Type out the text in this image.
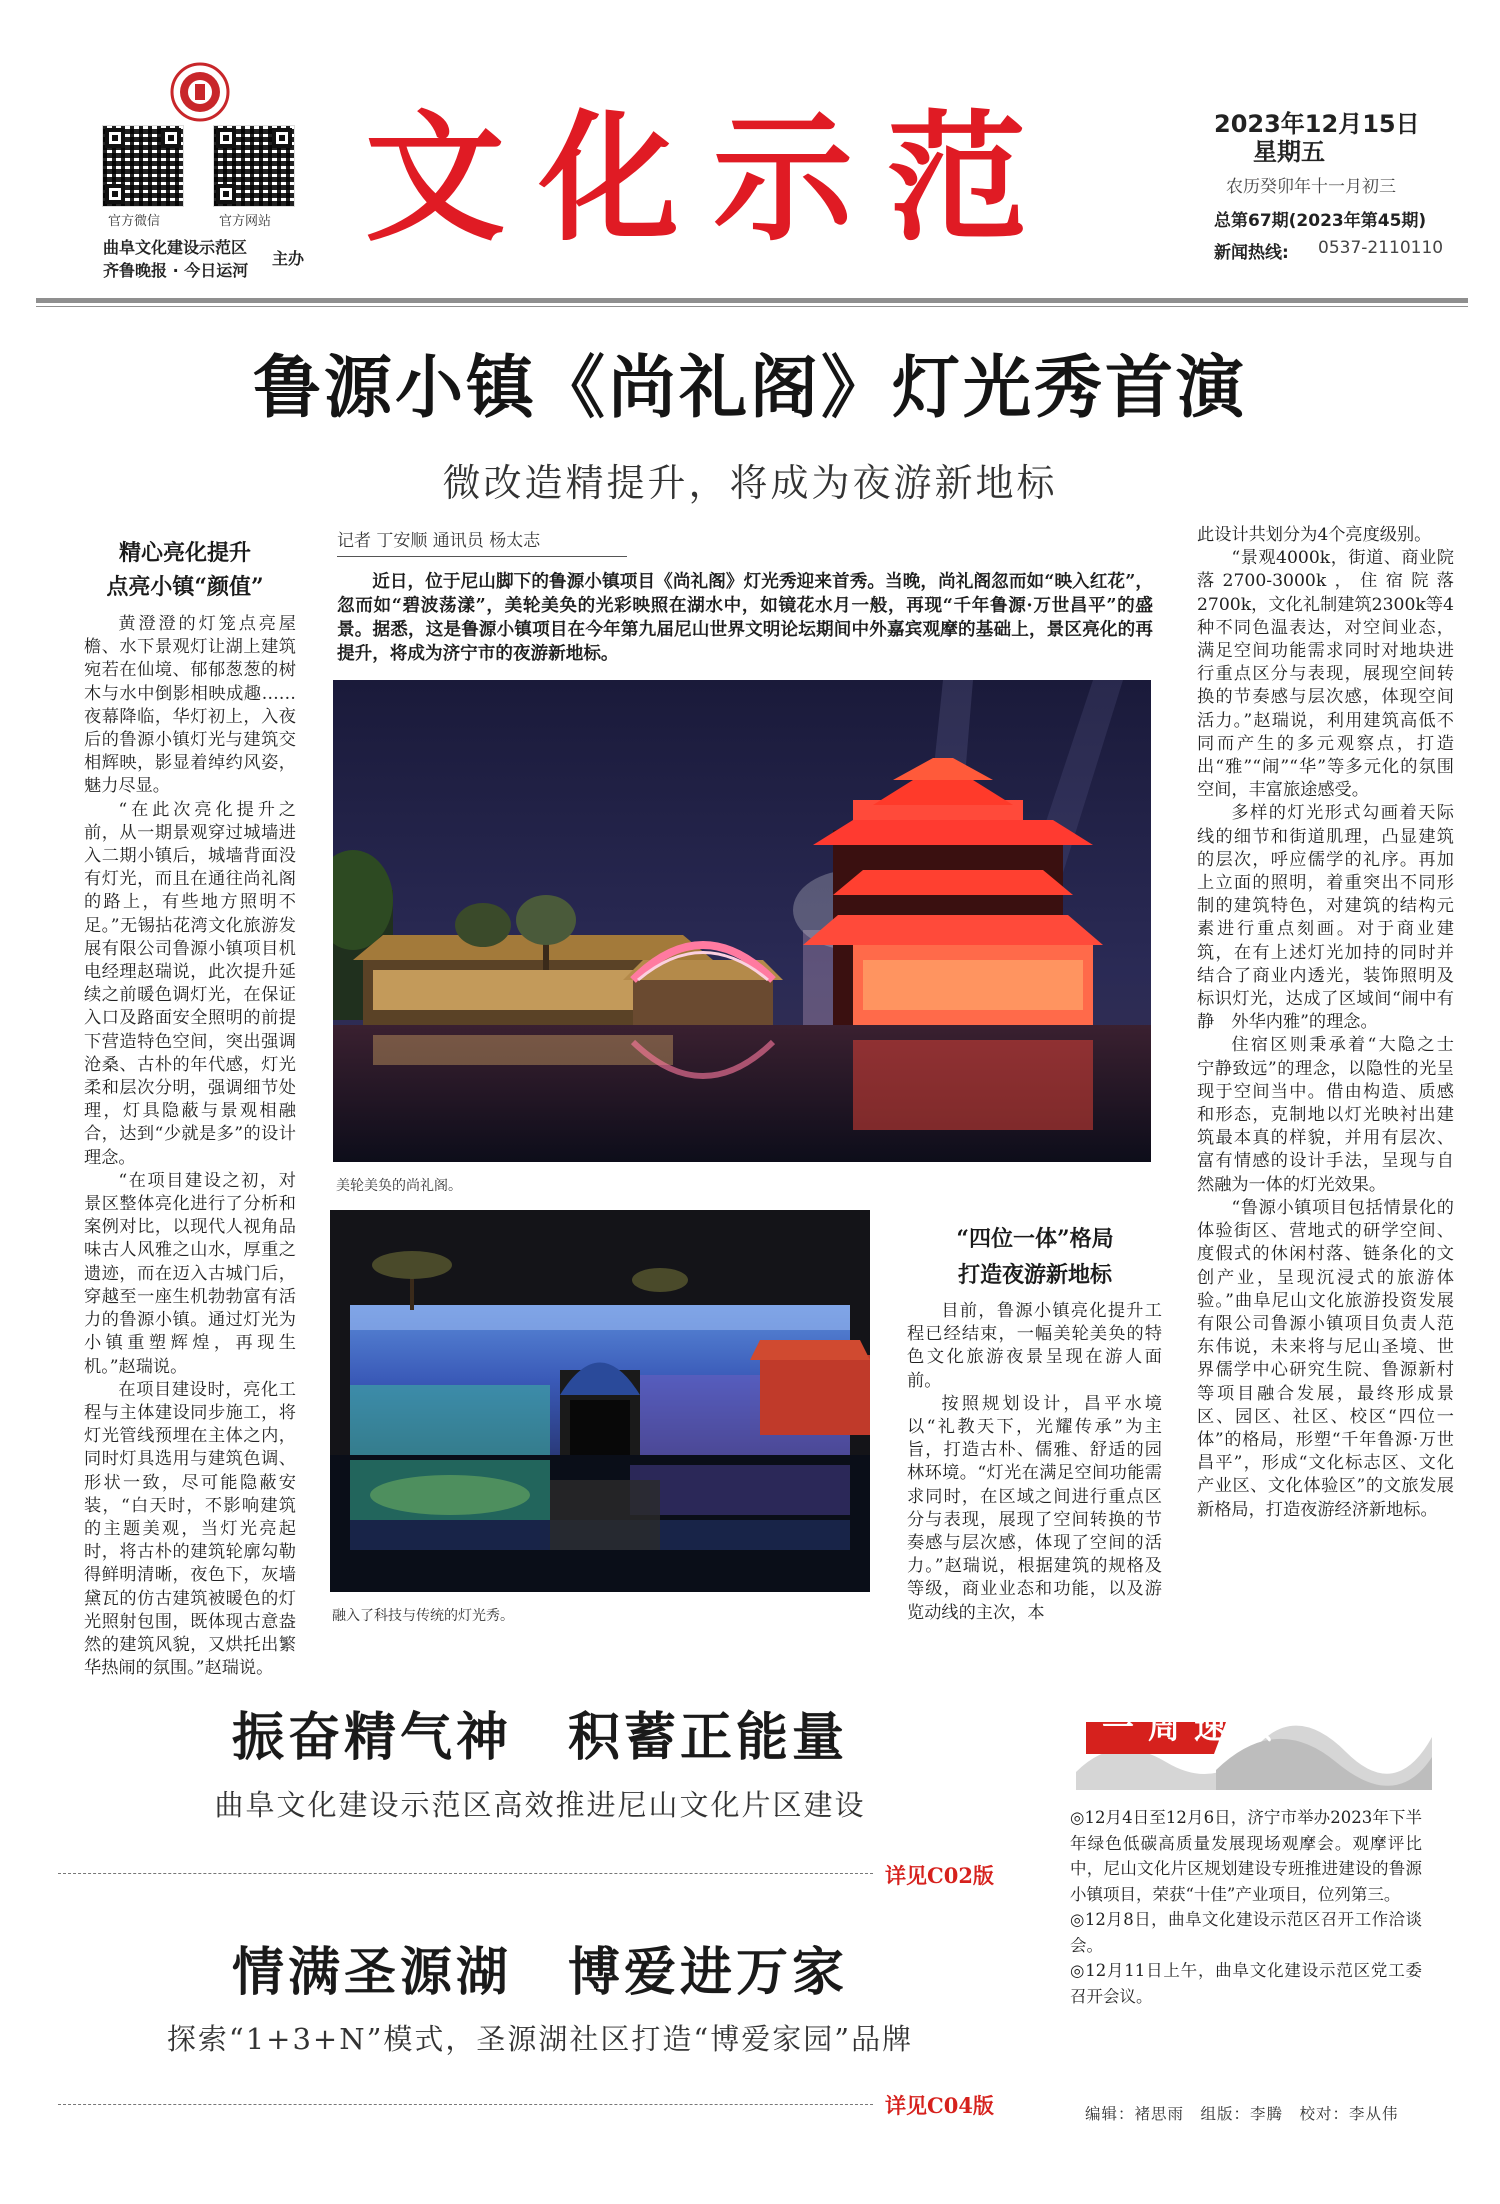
官方微信	官方网站
曲阜文化建设示范区
齐鲁晚报 · 今日运河
主办 文化示范	2023年12月15日
星期五
农历癸卯年十一月初三
总第67期(2023年第45期)
新闻热线: 0537-2110110
鲁源小镇《尚礼阁》灯光秀首演
微改造精提升，将成为夜游新地标
精心亮化提升
点亮小镇“颜值”

黄澄澄的灯笼点亮屋檐、水下景观灯让湖上建筑宛若在仙境、郁郁葱葱的树木与水中倒影相映成趣……夜幕降临，华灯初上，入夜后的鲁源小镇灯光与建筑交相辉映，影显着绰约风姿，魅力尽显。

“在此次亮化提升之前，从一期景观穿过城墙进入二期小镇后，城墙背面没有灯光，而且在通往尚礼阁的路上，有些地方照明不足。”无锡拈花湾文化旅游发展有限公司鲁源小镇项目机电经理赵瑞说，此次提升延续之前暖色调灯光，在保证入口及路面安全照明的前提下营造特色空间，突出强调沧桑、古朴的年代感，灯光柔和层次分明，强调细节处理，灯具隐蔽与景观相融合，达到“少就是多”的设计理念。

“在项目建设之初，对景区整体亮化进行了分析和案例对比，以现代人视角品味古人风雅之山水，厚重之遗迹，而在迈入古城门后，穿越至一座生机勃勃富有活力的鲁源小镇。通过灯光为小镇重塑辉煌，再现生机。”赵瑞说。

在项目建设时，亮化工程与主体建设同步施工，将灯光管线预埋在主体之内，同时灯具选用与建筑色调、形状一致，尽可能隐蔽安装，“白天时，不影响建筑的主题美观，当灯光亮起时，将古朴的建筑轮廓勾勒得鲜明清晰，夜色下，灰墙黛瓦的仿古建筑被暖色的灯光照射包围，既体现古意盎然的建筑风貌，又烘托出繁华热闹的氛围。”赵瑞说。

记者 丁安顺 通讯员 杨太志

近日，位于尼山脚下的鲁源小镇项目《尚礼阁》灯光秀迎来首秀。当晚，尚礼阁忽而如“映入红花”，忽而如“碧波荡漾”，美轮美奂的光彩映照在湖水中，如镜花水月一般，再现“千年鲁源·万世昌平”的盛景。据悉，这是鲁源小镇项目在今年第九届尼山世界文明论坛期间中外嘉宾观摩的基础上，景区亮化的再提升，将成为济宁市的夜游新地标。

美轮美奂的尚礼阁。
融入了科技与传统的灯光秀。
“四位一体”格局
打造夜游新地标

目前，鲁源小镇亮化提升工程已经结束，一幅美轮美奂的特色文化旅游夜景呈现在游人面前。

按照规划设计，昌平水境以“礼教天下，光耀传承”为主旨，打造古朴、儒雅、舒适的园林环境。“灯光在满足空间功能需求同时，在区域之间进行重点区分与表现，展现了空间转换的节奏感与层次感，体现了空间的活力。”赵瑞说，根据建筑的规格及等级，商业业态和功能，以及游览动线的主次，本

此设计共划分为4个亮度级别。

“景观4000k，街道、商业院落2700-3000k，住宿院落2700k，文化礼制建筑2300k等4种不同色温表达，对空间业态，满足空间功能需求同时对地块进行重点区分与表现，展现空间转换的节奏感与层次感，体现空间活力。”赵瑞说，利用建筑高低不同而产生的多元观察点，打造出“雅”“闹”“华”等多元化的氛围空间，丰富旅途感受。

多样的灯光形式勾画着天际线的细节和街道肌理，凸显建筑的层次，呼应儒学的礼序。再加上立面的照明，着重突出不同形制的建筑特色，对建筑的结构元素进行重点刻画。对于商业建筑，在有上述灯光加持的同时并结合了商业内透光，装饰照明及标识灯光，达成了区域间“闹中有静　外华内雅”的理念。

住宿区则秉承着“大隐之士　宁静致远”的理念，以隐性的光呈现于空间当中。借由构造、质感和形态，克制地以灯光映衬出建筑最本真的样貌，并用有层次、富有情感的设计手法，呈现与自然融为一体的灯光效果。

“鲁源小镇项目包括情景化的体验街区、营地式的研学空间、度假式的休闲村落、链条化的文创产业，呈现沉浸式的旅游体验。”曲阜尼山文化旅游投资发展有限公司鲁源小镇项目负责人范东伟说，未来将与尼山圣境、世界儒学中心研究生院、鲁源新村等项目融合发展，最终形成景区、园区、社区、校区“四位一体”的格局，形塑“千年鲁源·万世昌平”，形成“文化标志区、文化产业区、文化体验区”的文旅发展新格局，打造夜游经济新地标。

振奋精气神　积蓄正能量
曲阜文化建设示范区高效推进尼山文化片区建设
详见C02版
情满圣源湖　博爱进万家
探索“1+3+N”模式，圣源湖社区打造“博爱家园”品牌
详见C04版
一周速读

◎12月4日至12月6日，济宁市举办2023年下半年绿色低碳高质量发展现场观摩会。观摩评比中，尼山文化片区规划建设专班推进建设的鲁源小镇项目，荣获“十佳”产业项目，位列第三。

◎12月8日，曲阜文化建设示范区召开工作洽谈会。

◎12月11日上午，曲阜文化建设示范区党工委召开会议。

编辑：褚思雨　组版：李腾　校对：李从伟
